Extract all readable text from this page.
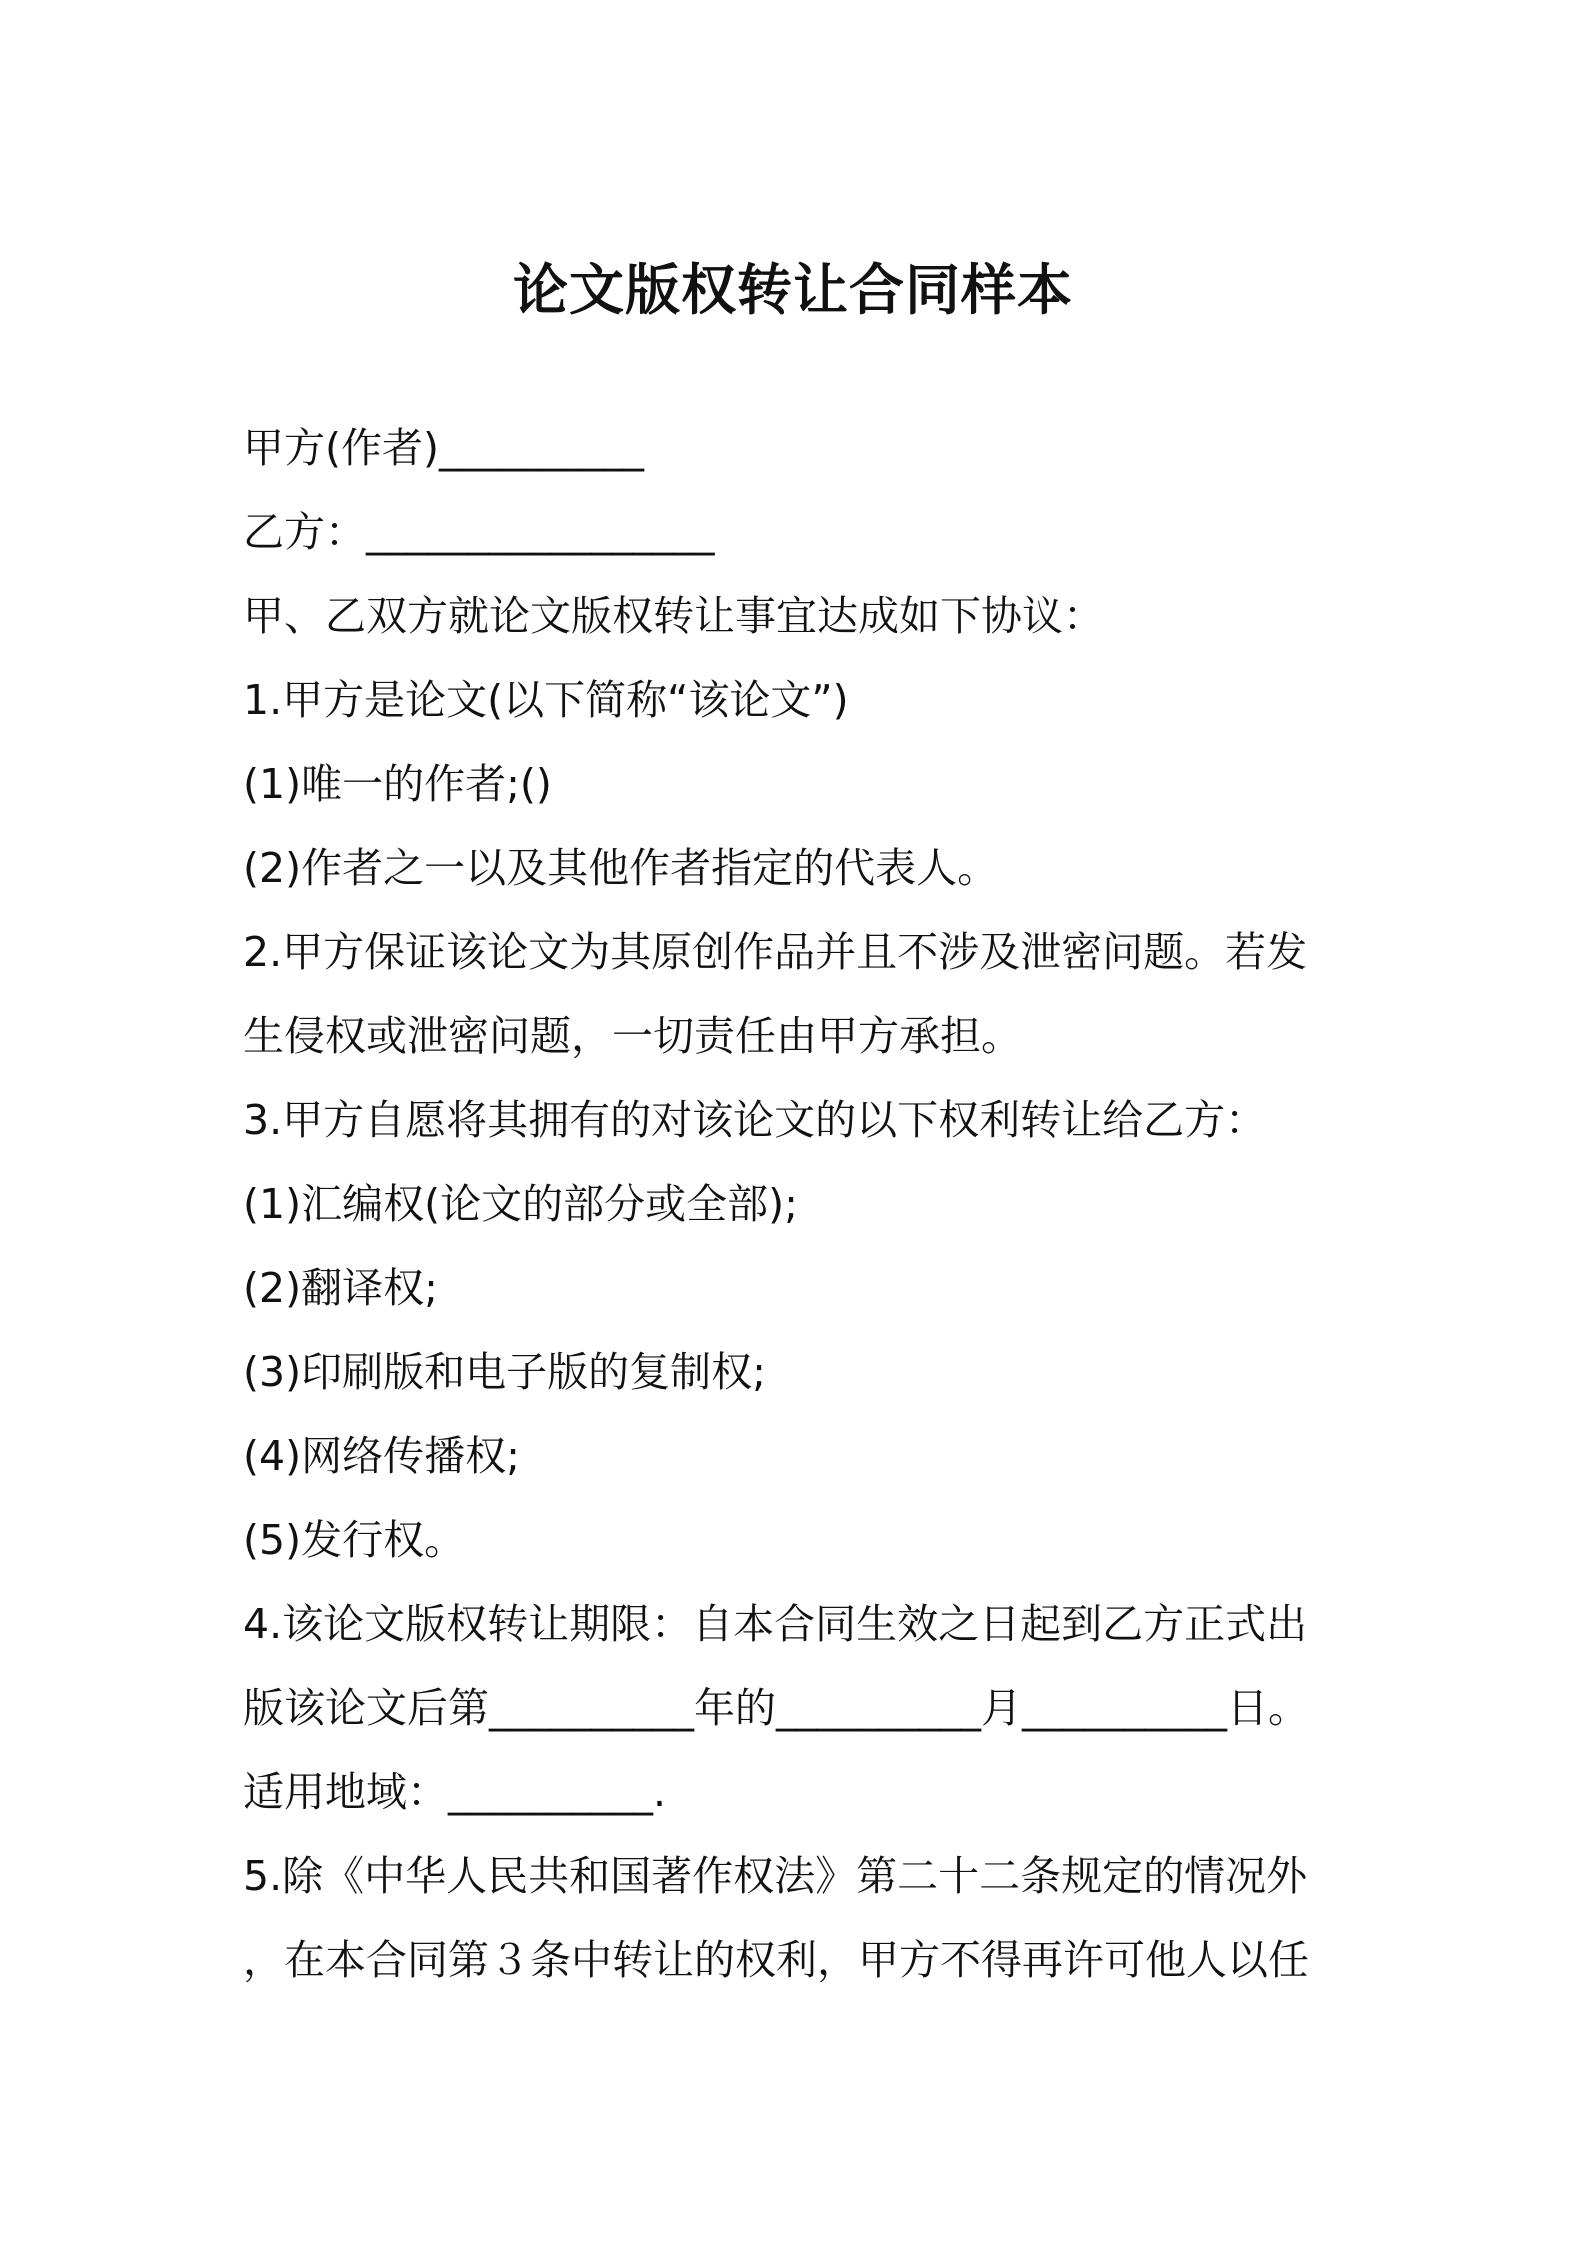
论文版权转让合同样本
甲方(作者)__________
乙方：_________________
甲、乙双方就论文版权转让事宜达成如下协议：
1.甲方是论文(以下简称“该论文”)
(1)唯一的作者;()
(2)作者之一以及其他作者指定的代表人。
2.甲方保证该论文为其原创作品并且不涉及泄密问题。若发
生侵权或泄密问题，一切责任由甲方承担。
3.甲方自愿将其拥有的对该论文的以下权利转让给乙方：
(1)汇编权(论文的部分或全部);
(2)翻译权;
(3)印刷版和电子版的复制权;
(4)网络传播权;
(5)发行权。
4.该论文版权转让期限：自本合同生效之日起到乙方正式出
版该论文后第__________年的__________月__________日。
适用地域：__________.
5.除《中华人民共和国著作权法》第二十二条规定的情况外
，在本合同第３条中转让的权利，甲方不得再许可他人以任
